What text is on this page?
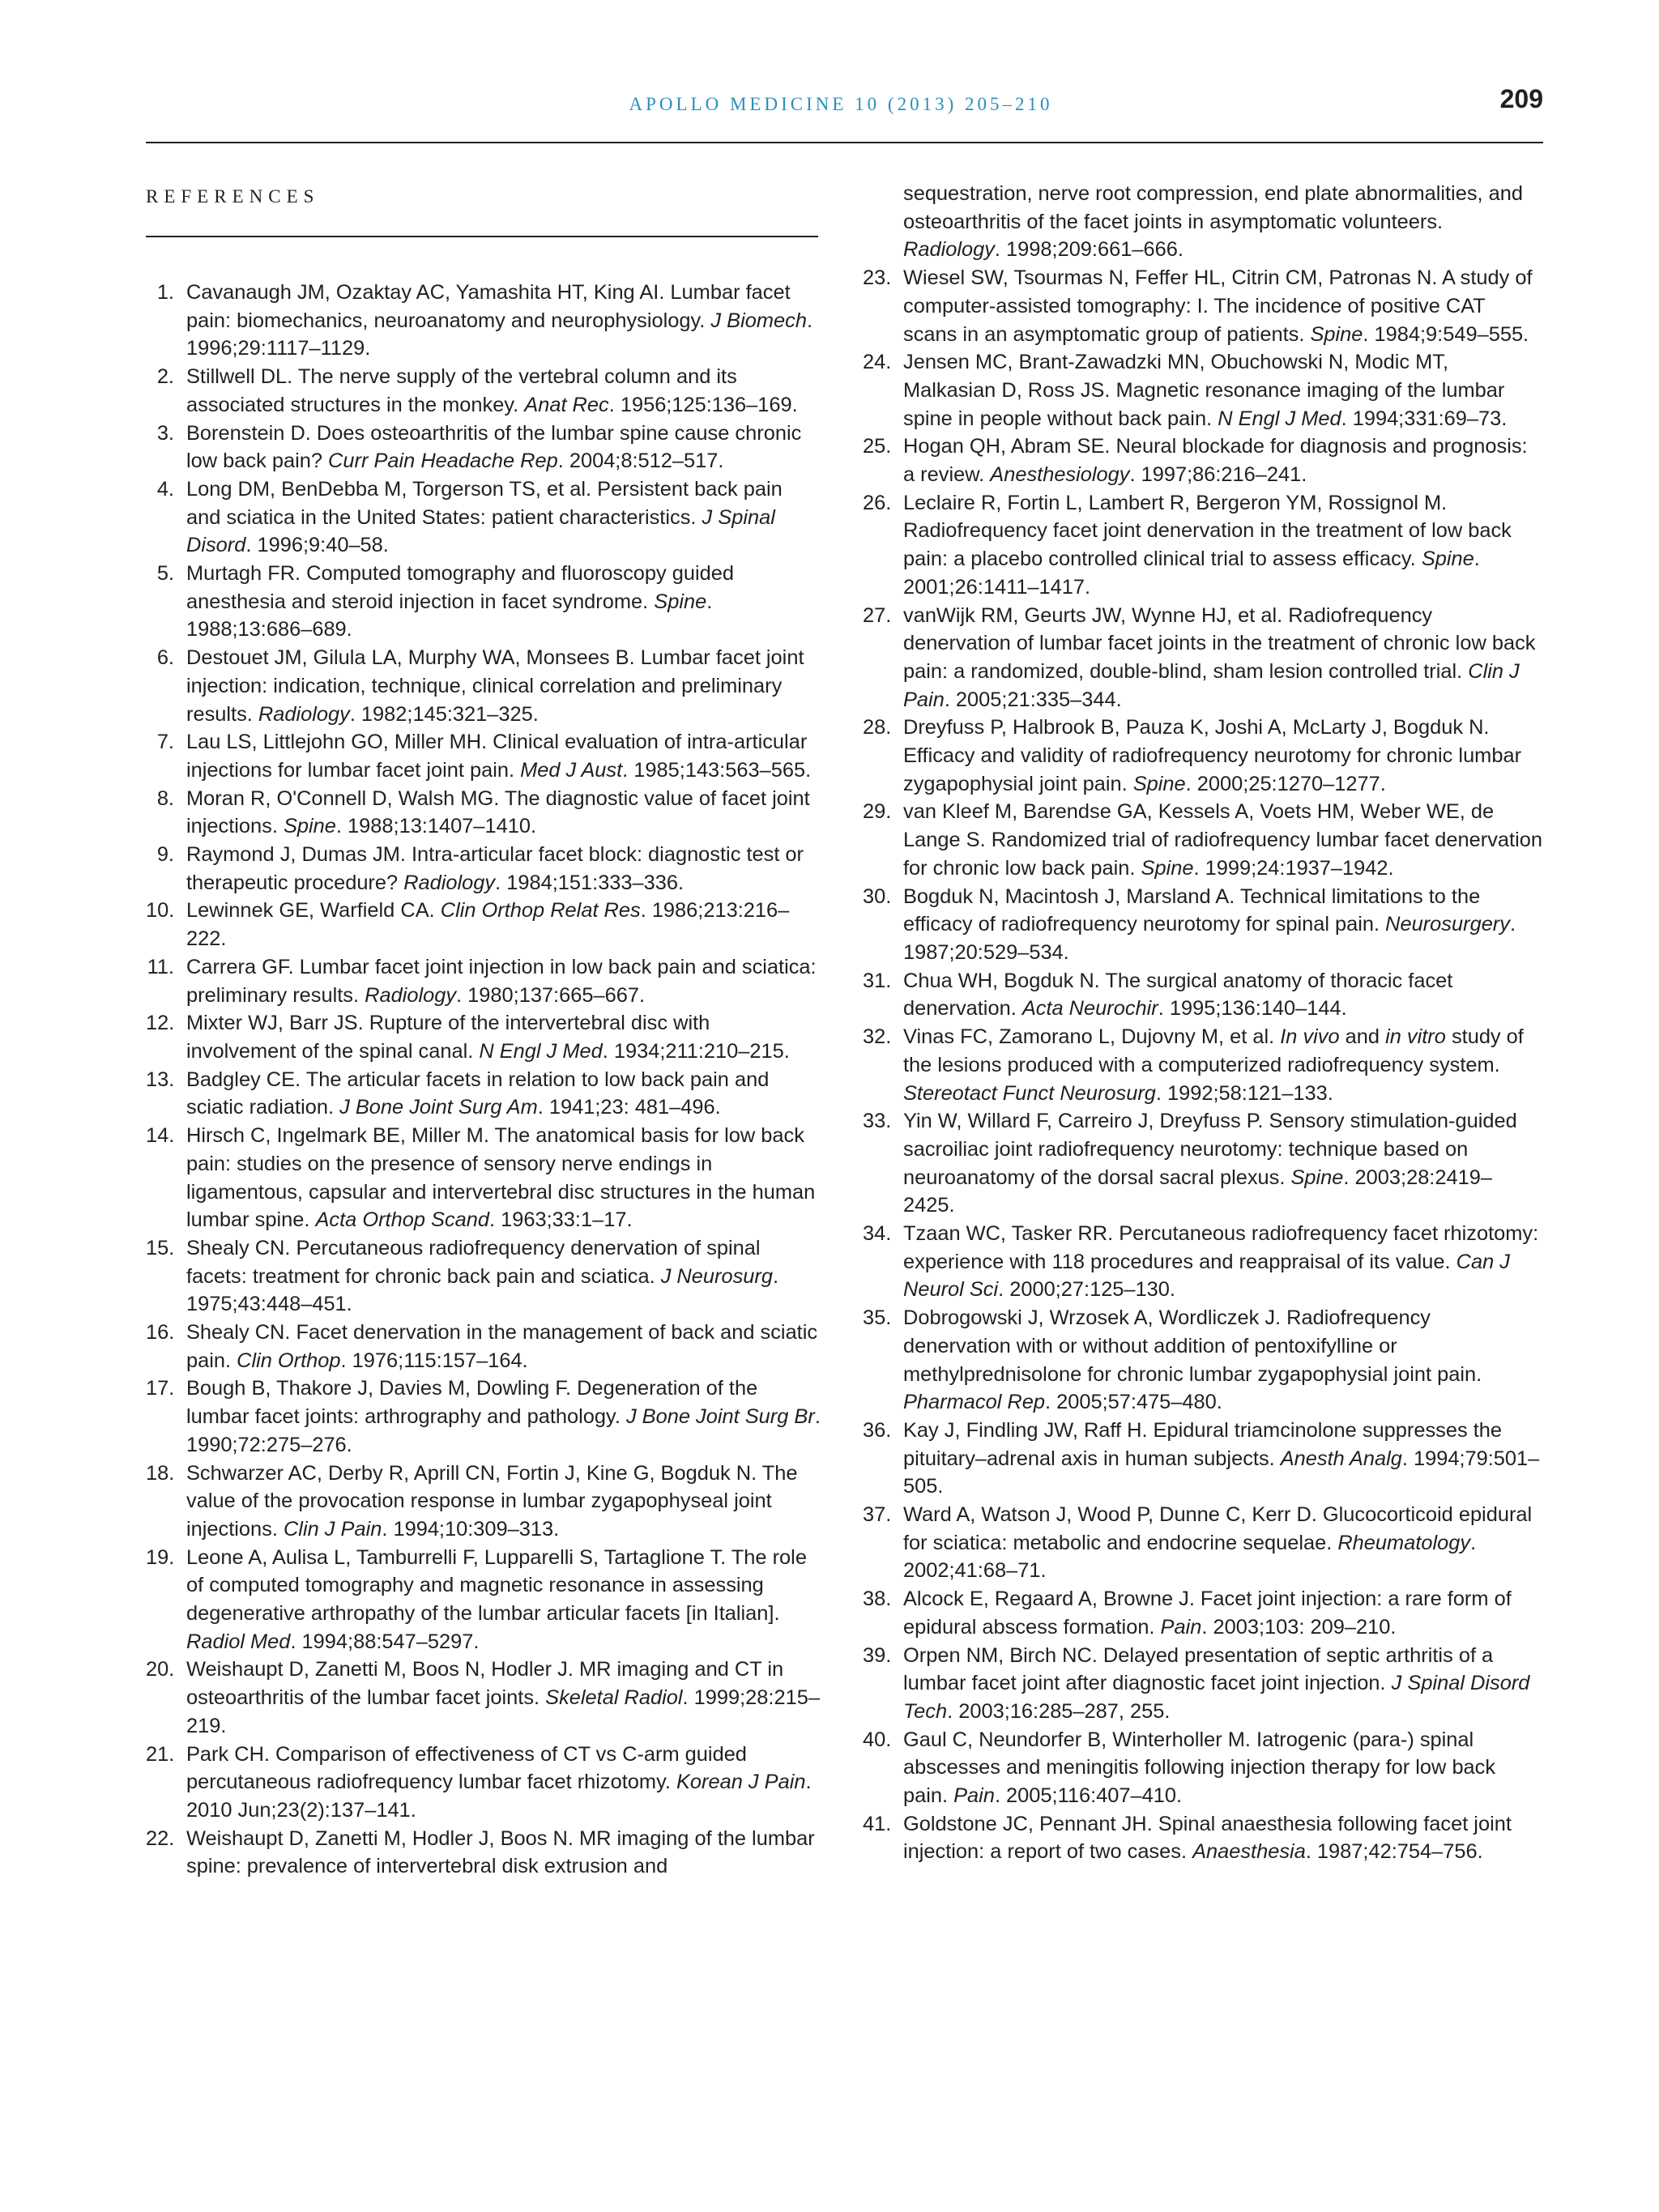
APOLLO MEDICINE 10 (2013) 205–210	209
REFERENCES
1. Cavanaugh JM, Ozaktay AC, Yamashita HT, King AI. Lumbar facet pain: biomechanics, neuroanatomy and neurophysiology. J Biomech. 1996;29:1117–1129.
2. Stillwell DL. The nerve supply of the vertebral column and its associated structures in the monkey. Anat Rec. 1956;125:136–169.
3. Borenstein D. Does osteoarthritis of the lumbar spine cause chronic low back pain? Curr Pain Headache Rep. 2004;8:512–517.
4. Long DM, BenDebba M, Torgerson TS, et al. Persistent back pain and sciatica in the United States: patient characteristics. J Spinal Disord. 1996;9:40–58.
5. Murtagh FR. Computed tomography and fluoroscopy guided anesthesia and steroid injection in facet syndrome. Spine. 1988;13:686–689.
6. Destouet JM, Gilula LA, Murphy WA, Monsees B. Lumbar facet joint injection: indication, technique, clinical correlation and preliminary results. Radiology. 1982;145:321–325.
7. Lau LS, Littlejohn GO, Miller MH. Clinical evaluation of intra-articular injections for lumbar facet joint pain. Med J Aust. 1985;143:563–565.
8. Moran R, O'Connell D, Walsh MG. The diagnostic value of facet joint injections. Spine. 1988;13:1407–1410.
9. Raymond J, Dumas JM. Intra-articular facet block: diagnostic test or therapeutic procedure? Radiology. 1984;151:333–336.
10. Lewinnek GE, Warfield CA. Clin Orthop Relat Res. 1986;213:216–222.
11. Carrera GF. Lumbar facet joint injection in low back pain and sciatica: preliminary results. Radiology. 1980;137:665–667.
12. Mixter WJ, Barr JS. Rupture of the intervertebral disc with involvement of the spinal canal. N Engl J Med. 1934;211:210–215.
13. Badgley CE. The articular facets in relation to low back pain and sciatic radiation. J Bone Joint Surg Am. 1941;23: 481–496.
14. Hirsch C, Ingelmark BE, Miller M. The anatomical basis for low back pain: studies on the presence of sensory nerve endings in ligamentous, capsular and intervertebral disc structures in the human lumbar spine. Acta Orthop Scand. 1963;33:1–17.
15. Shealy CN. Percutaneous radiofrequency denervation of spinal facets: treatment for chronic back pain and sciatica. J Neurosurg. 1975;43:448–451.
16. Shealy CN. Facet denervation in the management of back and sciatic pain. Clin Orthop. 1976;115:157–164.
17. Bough B, Thakore J, Davies M, Dowling F. Degeneration of the lumbar facet joints: arthrography and pathology. J Bone Joint Surg Br. 1990;72:275–276.
18. Schwarzer AC, Derby R, Aprill CN, Fortin J, Kine G, Bogduk N. The value of the provocation response in lumbar zygapophyseal joint injections. Clin J Pain. 1994;10:309–313.
19. Leone A, Aulisa L, Tamburrelli F, Lupparelli S, Tartaglione T. The role of computed tomography and magnetic resonance in assessing degenerative arthropathy of the lumbar articular facets [in Italian]. Radiol Med. 1994;88:547–5297.
20. Weishaupt D, Zanetti M, Boos N, Hodler J. MR imaging and CT in osteoarthritis of the lumbar facet joints. Skeletal Radiol. 1999;28:215–219.
21. Park CH. Comparison of effectiveness of CT vs C-arm guided percutaneous radiofrequency lumbar facet rhizotomy. Korean J Pain. 2010 Jun;23(2):137–141.
22. Weishaupt D, Zanetti M, Hodler J, Boos N. MR imaging of the lumbar spine: prevalence of intervertebral disk extrusion and
sequestration, nerve root compression, end plate abnormalities, and osteoarthritis of the facet joints in asymptomatic volunteers. Radiology. 1998;209:661–666.
23. Wiesel SW, Tsourmas N, Feffer HL, Citrin CM, Patronas N. A study of computer-assisted tomography: I. The incidence of positive CAT scans in an asymptomatic group of patients. Spine. 1984;9:549–555.
24. Jensen MC, Brant-Zawadzki MN, Obuchowski N, Modic MT, Malkasian D, Ross JS. Magnetic resonance imaging of the lumbar spine in people without back pain. N Engl J Med. 1994;331:69–73.
25. Hogan QH, Abram SE. Neural blockade for diagnosis and prognosis: a review. Anesthesiology. 1997;86:216–241.
26. Leclaire R, Fortin L, Lambert R, Bergeron YM, Rossignol M. Radiofrequency facet joint denervation in the treatment of low back pain: a placebo controlled clinical trial to assess efficacy. Spine. 2001;26:1411–1417.
27. vanWijk RM, Geurts JW, Wynne HJ, et al. Radiofrequency denervation of lumbar facet joints in the treatment of chronic low back pain: a randomized, double-blind, sham lesion controlled trial. Clin J Pain. 2005;21:335–344.
28. Dreyfuss P, Halbrook B, Pauza K, Joshi A, McLarty J, Bogduk N. Efficacy and validity of radiofrequency neurotomy for chronic lumbar zygapophysial joint pain. Spine. 2000;25:1270–1277.
29. van Kleef M, Barendse GA, Kessels A, Voets HM, Weber WE, de Lange S. Randomized trial of radiofrequency lumbar facet denervation for chronic low back pain. Spine. 1999;24:1937–1942.
30. Bogduk N, Macintosh J, Marsland A. Technical limitations to the efficacy of radiofrequency neurotomy for spinal pain. Neurosurgery. 1987;20:529–534.
31. Chua WH, Bogduk N. The surgical anatomy of thoracic facet denervation. Acta Neurochir. 1995;136:140–144.
32. Vinas FC, Zamorano L, Dujovny M, et al. In vivo and in vitro study of the lesions produced with a computerized radiofrequency system. Stereotact Funct Neurosurg. 1992;58:121–133.
33. Yin W, Willard F, Carreiro J, Dreyfuss P. Sensory stimulation-guided sacroiliac joint radiofrequency neurotomy: technique based on neuroanatomy of the dorsal sacral plexus. Spine. 2003;28:2419–2425.
34. Tzaan WC, Tasker RR. Percutaneous radiofrequency facet rhizotomy: experience with 118 procedures and reappraisal of its value. Can J Neurol Sci. 2000;27:125–130.
35. Dobrogowski J, Wrzosek A, Wordliczek J. Radiofrequency denervation with or without addition of pentoxifylline or methylprednisolone for chronic lumbar zygapophysial joint pain. Pharmacol Rep. 2005;57:475–480.
36. Kay J, Findling JW, Raff H. Epidural triamcinolone suppresses the pituitary–adrenal axis in human subjects. Anesth Analg. 1994;79:501–505.
37. Ward A, Watson J, Wood P, Dunne C, Kerr D. Glucocorticoid epidural for sciatica: metabolic and endocrine sequelae. Rheumatology. 2002;41:68–71.
38. Alcock E, Regaard A, Browne J. Facet joint injection: a rare form of epidural abscess formation. Pain. 2003;103: 209–210.
39. Orpen NM, Birch NC. Delayed presentation of septic arthritis of a lumbar facet joint after diagnostic facet joint injection. J Spinal Disord Tech. 2003;16:285–287, 255.
40. Gaul C, Neundorfer B, Winterholler M. Iatrogenic (para-) spinal abscesses and meningitis following injection therapy for low back pain. Pain. 2005;116:407–410.
41. Goldstone JC, Pennant JH. Spinal anaesthesia following facet joint injection: a report of two cases. Anaesthesia. 1987;42:754–756.
